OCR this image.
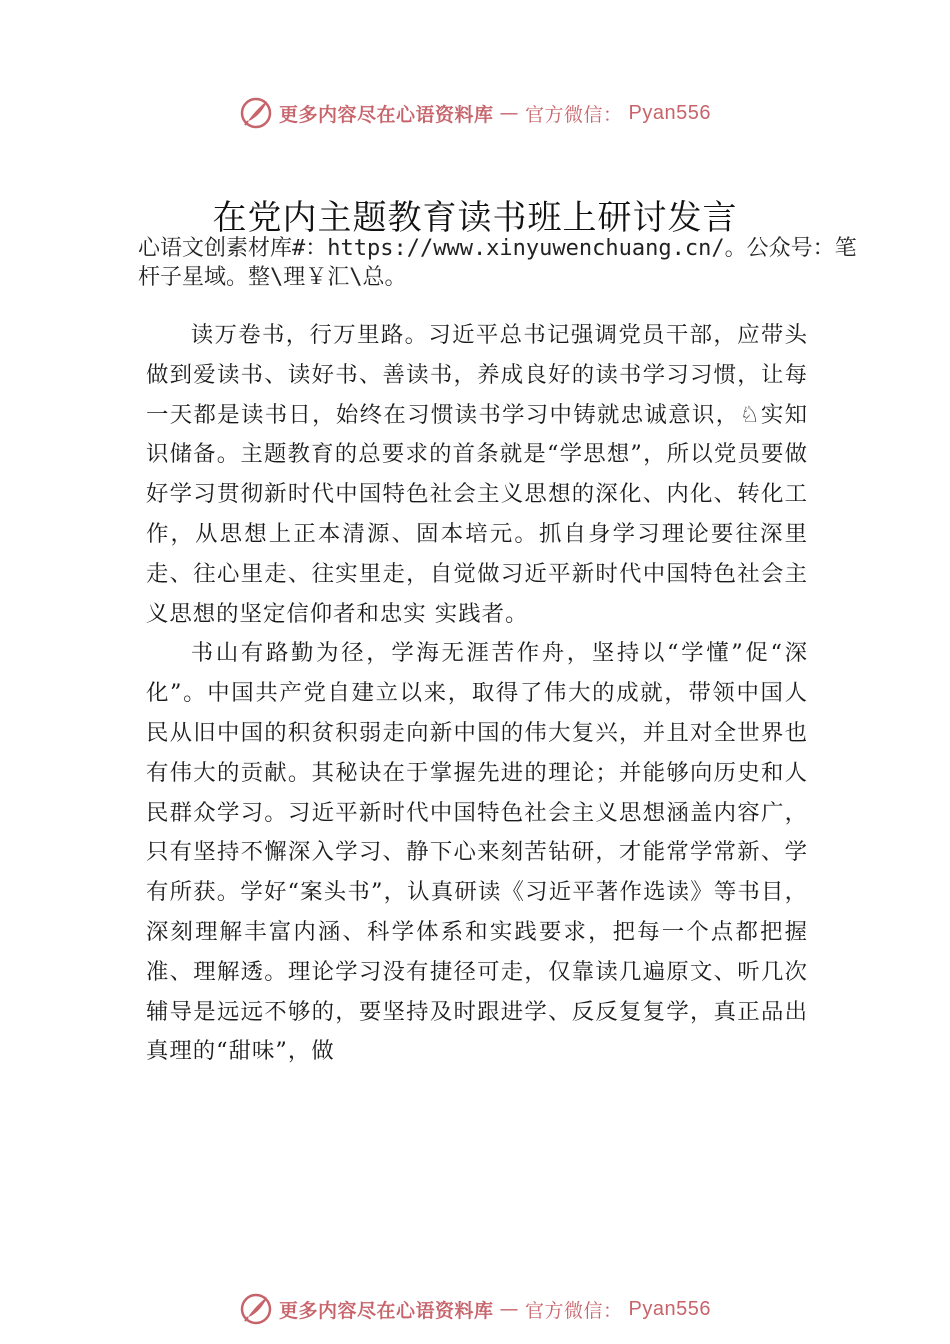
更多内容尽在心语资料库 — 官方微信： Pyan556
在党内主题教育读书班上研讨发言
心语文创素材库#：https://www.xinyuwenchuang.cn/。公众号：笔杆子星域。整\理￥汇\总。

读万卷书，行万里路。习近平总书记强调党员干部，应带头做到爱读书、读好书、善读书，养成良好的读书学习习惯，让每一天都是读书日，始终在习惯读书学习中铸就忠诚意识，♘实知识储备。主题教育的总要求的首条就是“学思想”，所以党员要做好学习贯彻新时代中国特色社会主义思想的深化、内化、转化工作，从思想上正本清源、固本培元。抓自身学习理论要往深里走、往心里走、往实里走，自觉做习近平新时代中国特色社会主义思想的坚定信仰者和忠实 实践者。

书山有路勤为径，学海无涯苦作舟，坚持以“学懂”促“深化”。中国共产党自建立以来，取得了伟大的成就，带领中国人民从旧中国的积贫积弱走向新中国的伟大复兴，并且对全世界也有伟大的贡献。其秘诀在于掌握先进的理论；并能够向历史和人民群众学习。习近平新时代中国特色社会主义思想涵盖内容广，只有坚持不懈深入学习、静下心来刻苦钻研，才能常学常新、学有所获。学好“案头书”，认真研读《习近平著作选读》等书目，深刻理解丰富内涵、科学体系和实践要求，把每一个点都把握准、理解透。理论学习没有捷径可走，仅靠读几遍原文、听几次辅导是远远不够的，要坚持及时跟进学、反反复复学，真正品出真理的“甜味”，做

更多内容尽在心语资料库 — 官方微信： Pyan556
